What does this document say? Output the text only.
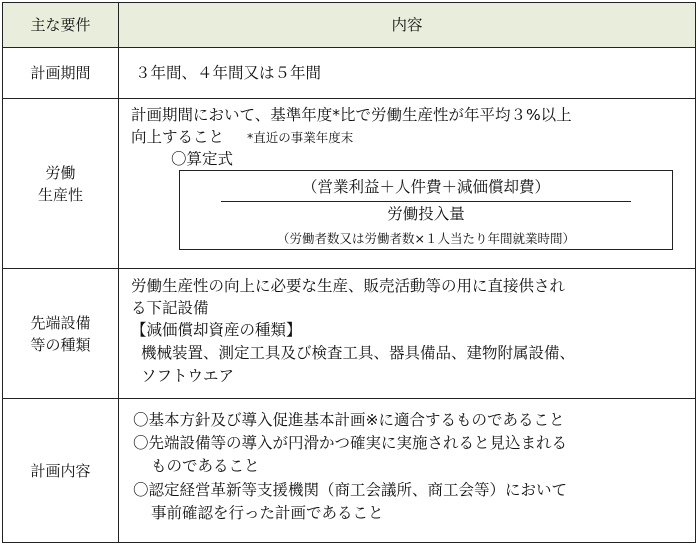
主な要件	内容
計画期間	３年間、４年間又は５年間
労働
生産性
計画期間において、基準年度*比で労働生産性が年平均３%以上
向上すること *直近の事業年度末
〇算定式
（営業利益＋人件費＋減価償却費）
労働投入量
（労働者数又は労働者数×１人当たり年間就業時間）
先端設備
等の種類
労働生産性の向上に必要な生産、販売活動等の用に直接供され
る下記設備
【減価償却資産の種類】
機械装置、測定工具及び検査工具、器具備品、建物附属設備、
ソフトウエア
計画内容
〇基本方針及び導入促進基本計画※に適合するものであること
〇先端設備等の導入が円滑かつ確実に実施されると見込まれる
ものであること
〇認定経営革新等支援機関（商工会議所、商工会等）において
事前確認を行った計画であること
